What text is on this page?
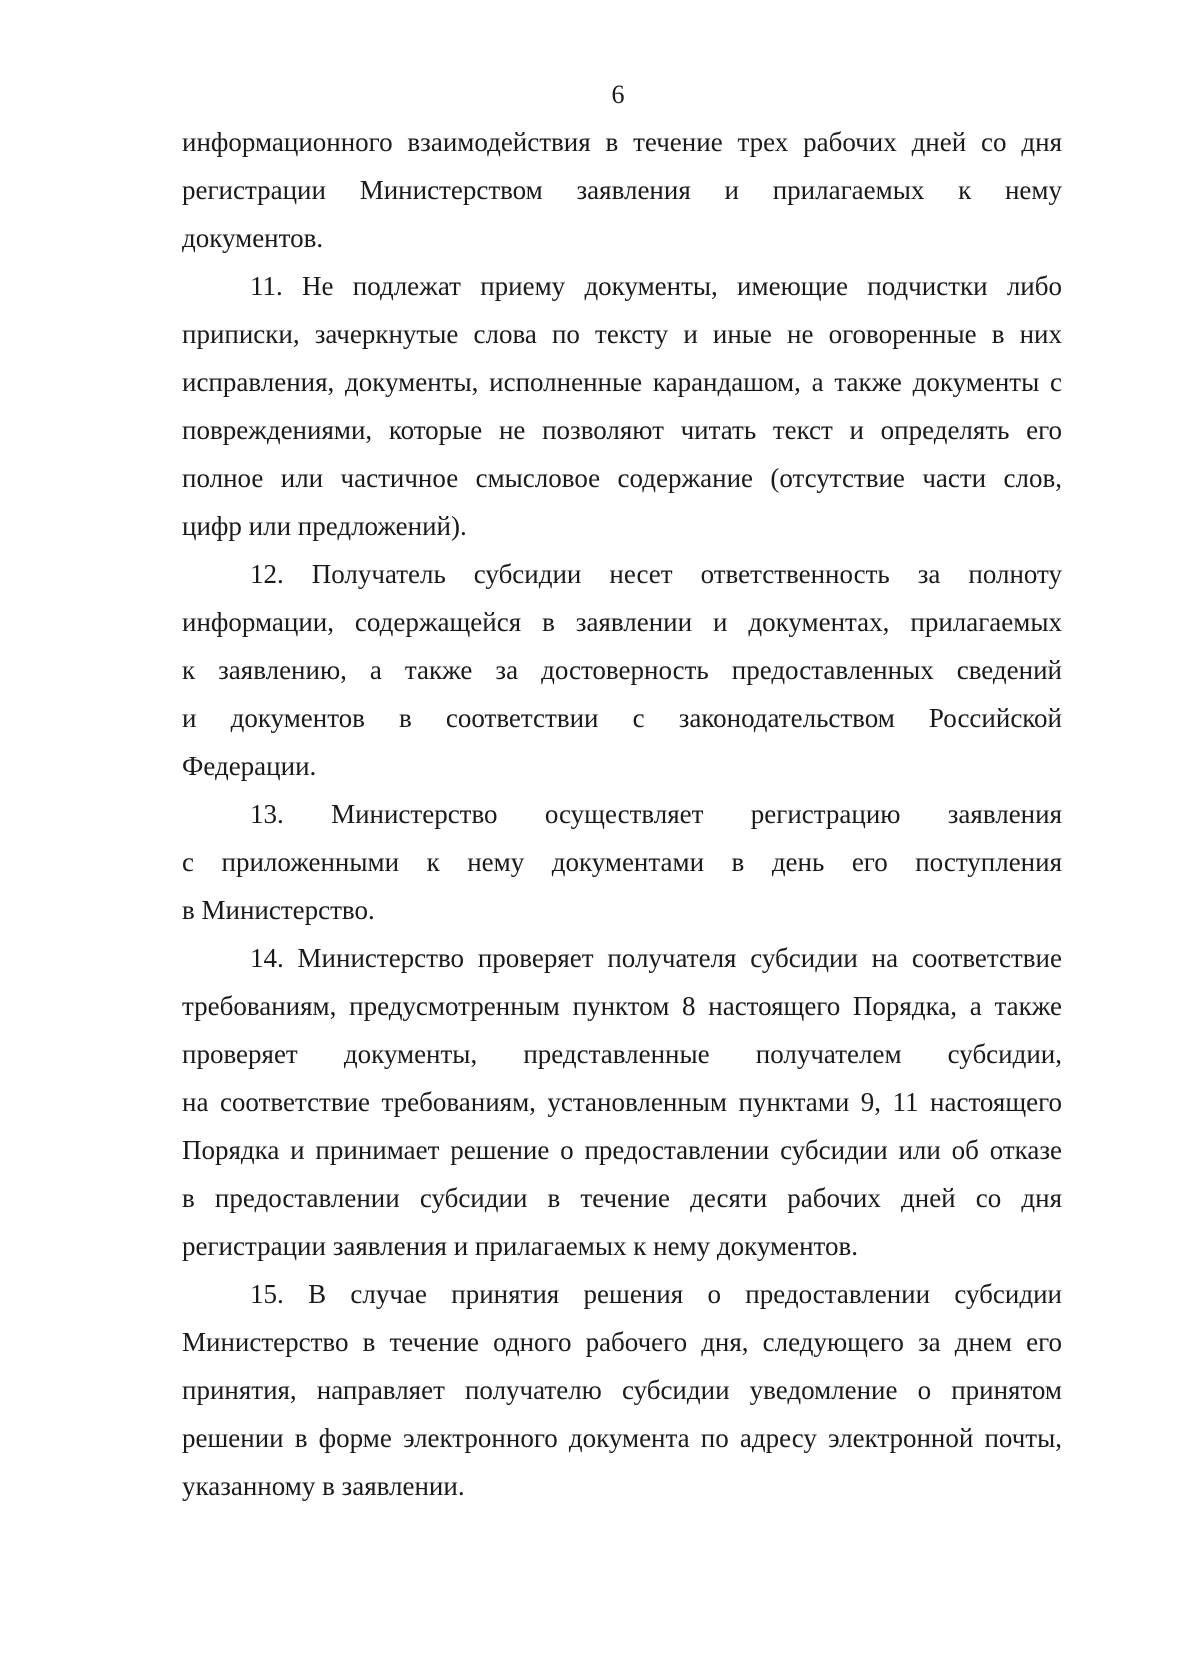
6
информационного взаимодействия в течение трех рабочих дней со дня
регистрации Министерством заявления и прилагаемых к нему
документов.
11. Не подлежат приему документы, имеющие подчистки либо
приписки, зачеркнутые слова по тексту и иные не оговоренные в них
исправления, документы, исполненные карандашом, а также документы с
повреждениями, которые не позволяют читать текст и определять его
полное или частичное смысловое содержание (отсутствие части слов,
цифр или предложений).
12. Получатель субсидии несет ответственность за полноту
информации, содержащейся в заявлении и документах, прилагаемых
к заявлению, а также за достоверность предоставленных сведений
и документов в соответствии с законодательством Российской
Федерации.
13. Министерство осуществляет регистрацию заявления
с приложенными к нему документами в день его поступления
в Министерство.
14. Министерство проверяет получателя субсидии на соответствие
требованиям, предусмотренным пунктом 8 настоящего Порядка, а также
проверяет документы, представленные получателем субсидии,
на соответствие требованиям, установленным пунктами 9, 11 настоящего
Порядка и принимает решение о предоставлении субсидии или об отказе
в предоставлении субсидии в течение десяти рабочих дней со дня
регистрации заявления и прилагаемых к нему документов.
15. В случае принятия решения о предоставлении субсидии
Министерство в течение одного рабочего дня, следующего за днем его
принятия, направляет получателю субсидии уведомление о принятом
решении в форме электронного документа по адресу электронной почты,
указанному в заявлении.
